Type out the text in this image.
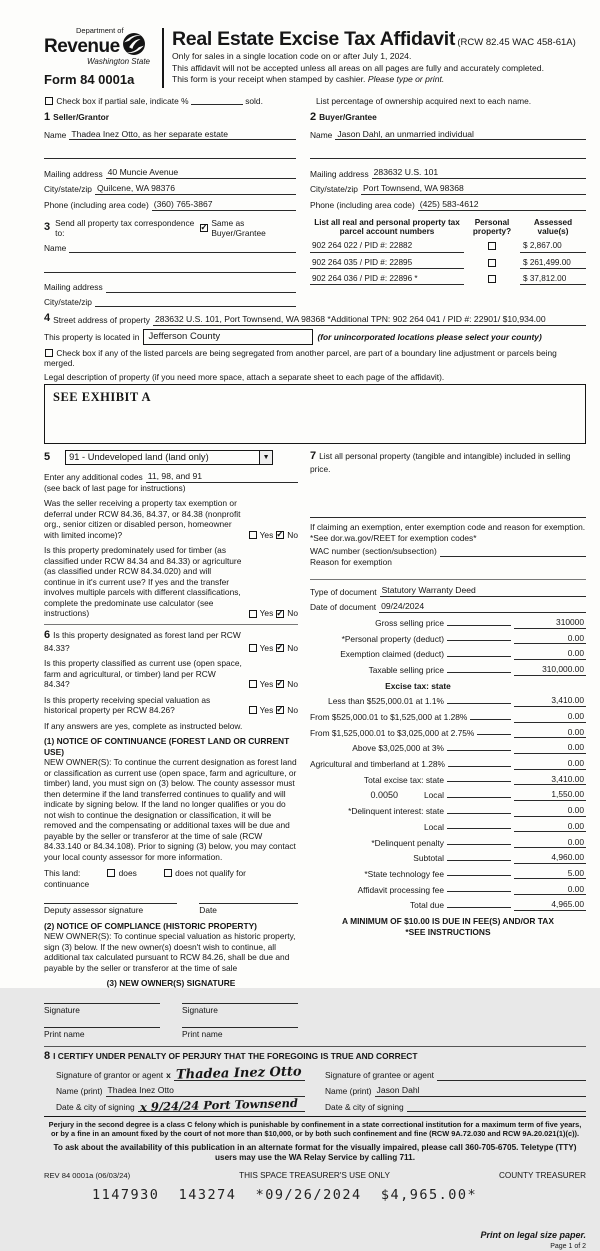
Department of
Revenue
Washington State
Form 84 0001a
Real Estate Excise Tax Affidavit (RCW 82.45 WAC 458-61A)
Only for sales in a single location code on or after July 1, 2024.
This affidavit will not be accepted unless all areas on all pages are fully and accurately completed.
This form is your receipt when stamped by cashier. Please type or print.
Check box if partial sale, indicate %	sold.	List percentage of ownership acquired next to each name.
1 Seller/Grantor
Name Thadea Inez Otto, as her separate estate
Mailing address 40 Muncie Avenue
City/state/zip Quilcene, WA 98376
Phone (including area code) (360) 765-3867
2 Buyer/Grantee
Name Jason Dahl, an unmarried individual
Mailing address 283632 U.S. 101
City/state/zip Port Townsend, WA 98368
Phone (including area code) (425) 583-4612
3 Send all property tax correspondence to:
✓
Same as Buyer/Grantee
Name
Mailing address
City/state/zip
List all real and personal property tax parcel account numbers
Personal property?
Assessed value(s)
902 264 022 / PID #: 22882	$ 2,867.00
902 264 035 / PID #: 22895	$ 261,499.00
902 264 036 / PID #: 22896 *	$ 37,812.00
4 Street address of property 283632 U.S. 101, Port Townsend, WA 98368 *Additional TPN: 902 264 041 / PID #: 22901/ $10,934.00
This property is located in Jefferson County	(for unincorporated locations please select your county)
Check box if any of the listed parcels are being segregated from another parcel, are part of a boundary line adjustment or parcels being merged.
Legal description of property (if you need more space, attach a separate sheet to each page of the affidavit).
SEE EXHIBIT A
5	91 - Undeveloped land (land only)	▼
Enter any additional codes 11, 98, and 91
(see back of last page for instructions)
Was the seller receiving a property tax exemption or deferral under RCW 84.36, 84.37, or 84.38 (nonprofit org., senior citizen or disabled person, homeowner with limited income)?	Yes ✓ No
Is this property predominately used for timber (as classified under RCW 84.34 and 84.33) or agriculture (as classified under RCW 84.34.020) and will continue in it's current use? If yes and the transfer involves multiple parcels with different classifications, complete the predominate use calculator (see instructions)	Yes ✓ No
6 Is this property designated as forest land per RCW 84.33?	Yes ✓ No
Is this property classified as current use (open space, farm and agricultural, or timber) land per RCW 84.34?	Yes ✓ No
Is this property receiving special valuation as historical property per RCW 84.26?	Yes ✓ No
If any answers are yes, complete as instructed below.
(1) NOTICE OF CONTINUANCE (FOREST LAND OR CURRENT USE)
NEW OWNER(S): To continue the current designation as forest land or classification as current use (open space, farm and agriculture, or timber) land, you must sign on (3) below. The county assessor must then determine if the land transferred continues to qualify and will indicate by signing below. If the land no longer qualifies or you do not wish to continue the designation or classification, it will be removed and the compensating or additional taxes will be due and payable by the seller or transferor at the time of sale (RCW 84.33.140 or 84.34.108). Prior to signing (3) below, you may contact your local county assessor for more information.
This land:	does	does not qualify for
continuance
Deputy assessor signature	Date
(2) NOTICE OF COMPLIANCE (HISTORIC PROPERTY)
NEW OWNER(S): To continue special valuation as historic property, sign (3) below. If the new owner(s) doesn't wish to continue, all additional tax calculated pursuant to RCW 84.26, shall be due and payable by the seller or transferor at the time of sale
(3) NEW OWNER(S) SIGNATURE
Signature	Signature
Print name	Print name
7 List all personal property (tangible and intangible) included in selling price.
If claiming an exemption, enter exemption code and reason for exemption. *See dor.wa.gov/REET for exemption codes*
WAC number (section/subsection)
Reason for exemption
Type of document Statutory Warranty Deed
Date of document 09/24/2024
Gross selling price	310000
*Personal property (deduct)	0.00
Exemption claimed (deduct)	0.00
Taxable selling price	310,000.00
Excise tax: state
Less than $525,000.01 at 1.1%	3,410.00
From $525,000.01 to $1,525,000 at 1.28%	0.00
From $1,525,000.01 to $3,025,000 at 2.75%	0.00
Above $3,025,000 at 3%	0.00
Agricultural and timberland at 1.28%	0.00
Total excise tax: state	3,410.00
0.0050	Local	1,550.00
*Delinquent interest: state	0.00
Local	0.00
*Delinquent penalty	0.00
Subtotal	4,960.00
*State technology fee	5.00
Affidavit processing fee	0.00
Total due	4,965.00
A MINIMUM OF $10.00 IS DUE IN FEE(S) AND/OR TAX
*SEE INSTRUCTIONS
8 I CERTIFY UNDER PENALTY OF PERJURY THAT THE FOREGOING IS TRUE AND CORRECT
Signature of grantor or agent x Thadea Inez Otto	Signature of grantee or agent
Name (print) Thadea Inez Otto	Name (print) Jason Dahl
Date & city of signing x 9/24/24 Port Townsend	Date & city of signing
Perjury in the second degree is a class C felony which is punishable by confinement in a state correctional institution for a maximum term of five years, or by a fine in an amount fixed by the court of not more than $10,000, or by both such confinement and fine (RCW 9A.72.030 and RCW 9A.20.021(1)(c)).
To ask about the availability of this publication in an alternate format for the visually impaired, please call 360-705-6705. Teletype (TTY) users may use the WA Relay Service by calling 711.
REV 84 0001a (06/03/24)	THIS SPACE TREASURER'S USE ONLY	COUNTY TREASURER
1147930  143274  *09/26/2024  $4,965.00*
Print on legal size paper.
Page 1 of 2
